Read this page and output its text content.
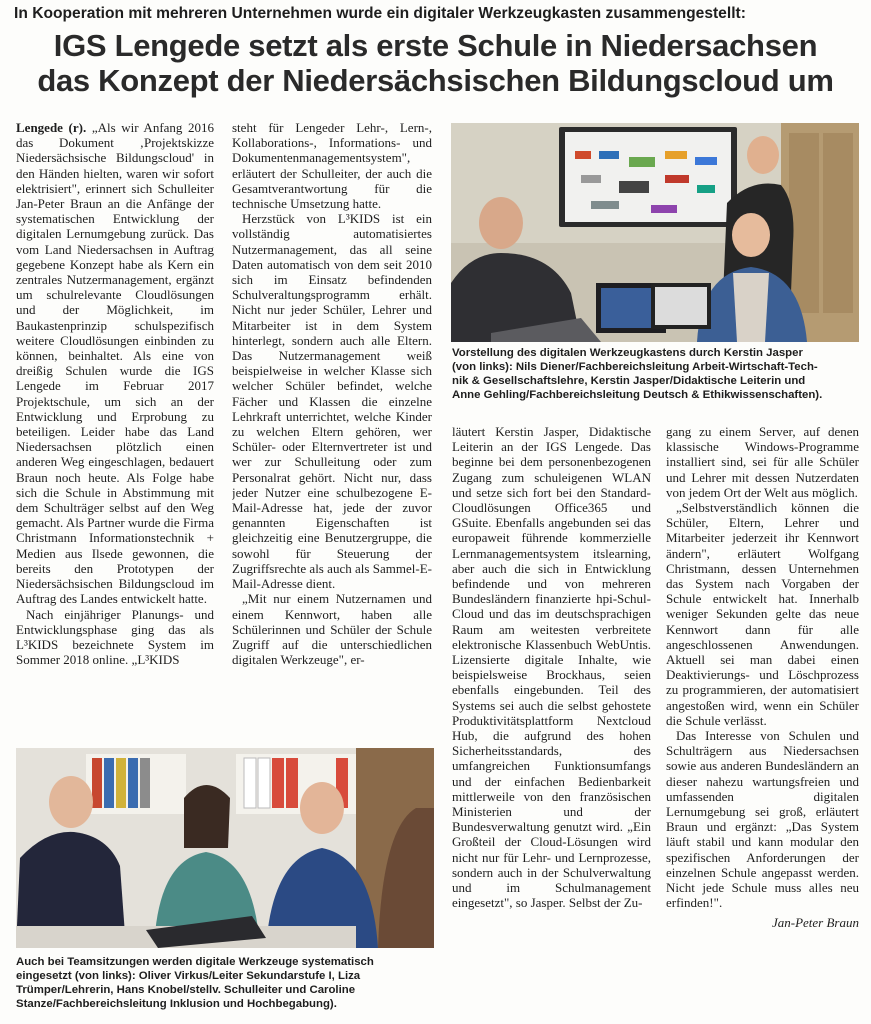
In Kooperation mit mehreren Unternehmen wurde ein digitaler Werkzeugkasten zusammengestellt:
IGS Lengede setzt als erste Schule in Niedersachsen
das Konzept der Niedersächsischen Bildungscloud um

Lengede (r). „Als wir Anfang 2016 das Dokument ‚Projektskizze Niedersächsische Bildungscloud' in den Händen hielten, waren wir sofort elektrisiert", erinnert sich Schulleiter Jan-Peter Braun an die Anfänge der systematischen Entwicklung der digitalen Lernumgebung zurück. Das vom Land Niedersachsen in Auftrag gegebene Konzept habe als Kern ein zentrales Nutzermanagement, ergänzt um schulrelevante Cloudlösungen und der Möglichkeit, im Baukastenprinzip schulspezifisch weitere Cloudlösungen einbinden zu können, beinhaltet. Als eine von dreißig Schulen wurde die IGS Lengede im Februar 2017 Projektschule, um sich an der Entwicklung und Erprobung zu beteiligen. Leider habe das Land Niedersachsen plötzlich einen anderen Weg eingeschlagen, bedauert Braun noch heute. Als Folge habe sich die Schule in Abstimmung mit dem Schulträger selbst auf den Weg gemacht. Als Partner wurde die Firma Christmann Informationstechnik + Medien aus Ilsede gewonnen, die bereits den Prototypen der Niedersächsischen Bildungscloud im Auftrag des Landes entwickelt hatte.

Nach einjähriger Planungs- und Entwicklungsphase ging das als L³KIDS bezeichnete System im Sommer 2018 online. „L³KIDS

steht für Lengeder Lehr-, Lern-, Kollaborations-, Informations- und Dokumentenmanagementsystem", erläutert der Schulleiter, der auch die Gesamtverantwortung für die technische Umsetzung hatte.

Herzstück von L³KIDS ist ein vollständig automatisiertes Nutzermanagement, das all seine Daten automatisch von dem seit 2010 sich im Einsatz befindenden Schulveraltungsprogramm erhält. Nicht nur jeder Schüler, Lehrer und Mitarbeiter ist in dem System hinterlegt, sondern auch alle Eltern. Das Nutzermanagement weiß beispielweise in welcher Klasse sich welcher Schüler befindet, welche Fächer und Klassen die einzelne Lehrkraft unterrichtet, welche Kinder zu welchen Eltern gehören, wer Schüler- oder Elternvertreter ist und wer zur Schulleitung oder zum Personalrat gehört. Nicht nur, dass jeder Nutzer eine schulbezogene E-Mail-Adresse hat, jede der zuvor genannten Eigenschaften ist gleichzeitig eine Benutzergruppe, die sowohl für Steuerung der Zugriffsrechte als auch als Sammel-E-Mail-Adresse dient.

„Mit nur einem Nutzernamen und einem Kennwort, haben alle Schülerinnen und Schüler der Schule Zugriff auf die unterschiedlichen digitalen Werkzeuge", er-

Vorstellung des digitalen Werkzeugkastens durch Kerstin Jasper
(von links): Nils Diener/Fachbereichsleitung Arbeit-Wirtschaft-Tech-
nik & Gesellschaftslehre, Kerstin Jasper/Didaktische Leiterin und
Anne Gehling/Fachbereichsleitung Deutsch & Ethikwissenschaften).

läutert Kerstin Jasper, Didaktische Leiterin an der IGS Lengede. Das beginne bei dem personenbezogenen Zugang zum schuleigenen WLAN und setze sich fort bei den Standard-Cloudlösungen Office365 und GSuite. Ebenfalls angebunden sei das europaweit führende kommerzielle Lernmanagementsystem itslearning, aber auch die sich in Entwicklung befindende und von mehreren Bundesländern finanzierte hpi-Schul-Cloud und das im deutschsprachigen Raum am weitesten verbreitete elektronische Klassenbuch WebUntis. Lizensierte digitale Inhalte, wie beispielsweise Brockhaus, seien ebenfalls eingebunden. Teil des Systems sei auch die selbst gehostete Produktivitätsplattform Nextcloud Hub, die aufgrund des hohen Sicherheitsstandards, des umfangreichen Funktionsumfangs und der einfachen Bedienbarkeit mittlerweile von den französischen Ministerien und der Bundesverwaltung genutzt wird. „Ein Großteil der Cloud-Lösungen wird nicht nur für Lehr- und Lernprozesse, sondern auch in der Schulverwaltung und im Schulmanagement eingesetzt", so Jasper. Selbst der Zu-

gang zu einem Server, auf denen klassische Windows-Programme installiert sind, sei für alle Schüler und Lehrer mit dessen Nutzerdaten von jedem Ort der Welt aus möglich.

„Selbstverständlich können die Schüler, Eltern, Lehrer und Mitarbeiter jederzeit ihr Kennwort ändern", erläutert Wolfgang Christmann, dessen Unternehmen das System nach Vorgaben der Schule entwickelt hat. Innerhalb weniger Sekunden gelte das neue Kennwort dann für alle angeschlossenen Anwendungen. Aktuell sei man dabei einen Deaktivierungs- und Löschprozess zu programmieren, der automatisiert angestoßen wird, wenn ein Schüler die Schule verlässt.

Das Interesse von Schulen und Schulträgern aus Niedersachsen sowie aus anderen Bundesländern an dieser nahezu wartungsfreien und umfassenden digitalen Lernumgebung sei groß, erläutert Braun und ergänzt: „Das System läuft stabil und kann modular den spezifischen Anforderungen der einzelnen Schule angepasst werden. Nicht jede Schule muss alles neu erfinden!".

Jan-Peter Braun

Auch bei Teamsitzungen werden digitale Werkzeuge systematisch
eingesetzt (von links): Oliver Virkus/Leiter Sekundarstufe I, Liza
Trümper/Lehrerin, Hans Knobel/stellv. Schulleiter und Caroline
Stanze/Fachbereichsleitung Inklusion und Hochbegabung).
